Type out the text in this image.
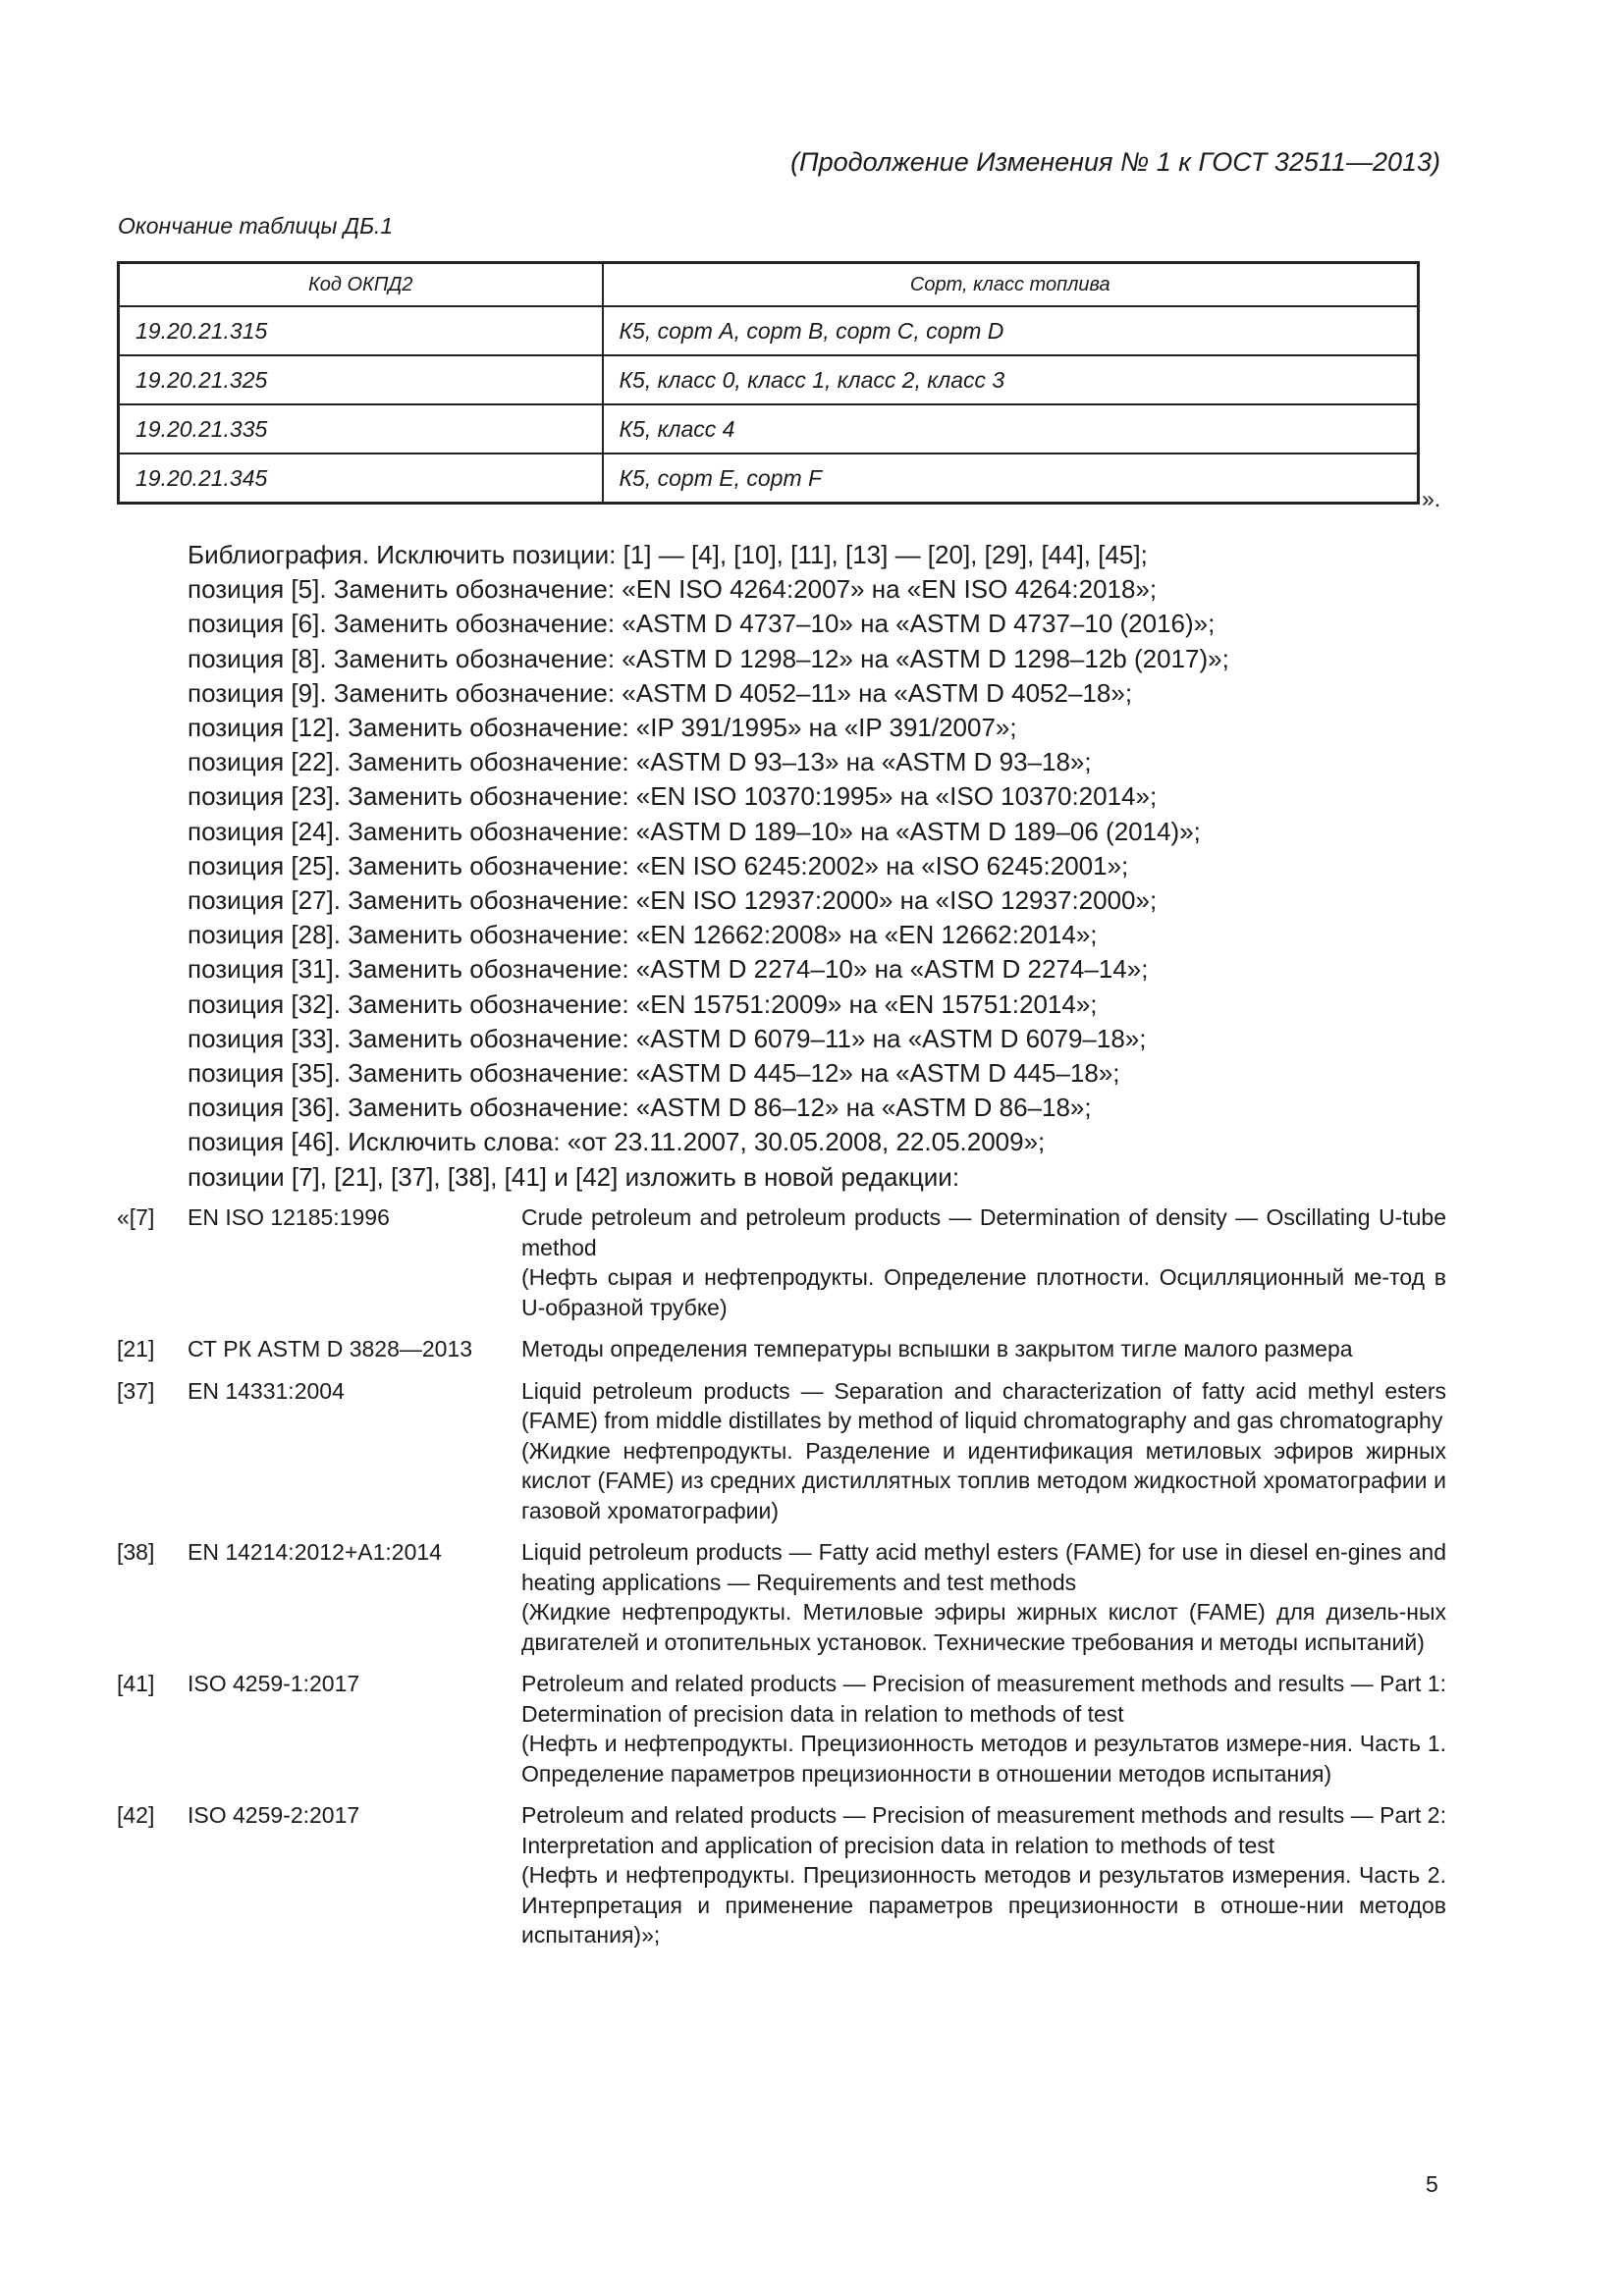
(Продолжение Изменения № 1 к ГОСТ 32511—2013)
Окончание таблицы ДБ.1
Код ОКПД2	Сорт, класс топлива
19.20.21.315	К5, сорт А, сорт В, сорт С, сорт D
19.20.21.325	К5, класс 0, класс 1, класс 2, класс 3
19.20.21.335	К5, класс 4
19.20.21.345	К5, сорт Е, сорт F
».
Библиография. Исключить позиции: [1] — [4], [10], [11], [13] — [20], [29], [44], [45];
позиция [5]. Заменить обозначение: «EN ISO 4264:2007» на «EN ISO 4264:2018»;
позиция [6]. Заменить обозначение: «ASTM D 4737–10» на «ASTM D 4737–10 (2016)»;
позиция [8]. Заменить обозначение: «ASTM D 1298–12» на «ASTM D 1298–12b (2017)»;
позиция [9]. Заменить обозначение: «ASTM D 4052–11» на «ASTM D 4052–18»;
позиция [12]. Заменить обозначение: «IP 391/1995» на «IP 391/2007»;
позиция [22]. Заменить обозначение: «ASTM D 93–13» на «ASTM D 93–18»;
позиция [23]. Заменить обозначение: «EN ISO 10370:1995» на «ISO 10370:2014»;
позиция [24]. Заменить обозначение: «ASTM D 189–10» на «ASTM D 189–06 (2014)»;
позиция [25]. Заменить обозначение: «EN ISO 6245:2002» на «ISO 6245:2001»;
позиция [27]. Заменить обозначение: «EN ISO 12937:2000» на «ISO 12937:2000»;
позиция [28]. Заменить обозначение: «EN 12662:2008» на «EN 12662:2014»;
позиция [31]. Заменить обозначение: «ASTM D 2274–10» на «ASTM D 2274–14»;
позиция [32]. Заменить обозначение: «EN 15751:2009» на «EN 15751:2014»;
позиция [33]. Заменить обозначение: «ASTM D 6079–11» на «ASTM D 6079–18»;
позиция [35]. Заменить обозначение: «ASTM D 445–12» на «ASTM D 445–18»;
позиция [36]. Заменить обозначение: «ASTM D 86–12» на «ASTM D 86–18»;
позиция [46]. Исключить слова: «от 23.11.2007, 30.05.2008, 22.05.2009»;
позиции [7], [21], [37], [38], [41] и [42] изложить в новой редакции:
«[7]	EN ISO 12185:1996	Crude petroleum and petroleum products — Determination of density — Oscillating U-tube method

(Нефть сырая и нефтепродукты. Определение плотности. Осцилляционный ме-тод в U-образной трубке)

[21]	СТ РК ASTM D 3828—2013	Методы определения температуры вспышки в закрытом тигле малого размера

[37]	EN 14331:2004	Liquid petroleum products — Separation and characterization of fatty acid methyl esters (FAME) from middle distillates by method of liquid chromatography and gas chromatography

(Жидкие нефтепродукты. Разделение и идентификация метиловых эфиров жирных кислот (FAME) из средних дистиллятных топлив методом жидкостной хроматографии и газовой хроматографии)

[38]	EN 14214:2012+A1:2014	Liquid petroleum products — Fatty acid methyl esters (FAME) for use in diesel en-gines and heating applications — Requirements and test methods

(Жидкие нефтепродукты. Метиловые эфиры жирных кислот (FAME) для дизель-ных двигателей и отопительных установок. Технические требования и методы испытаний)

[41]	ISO 4259-1:2017	Petroleum and related products — Precision of measurement methods and results — Part 1: Determination of precision data in relation to methods of test

(Нефть и нефтепродукты. Прецизионность методов и результатов измере-ния. Часть 1. Определение параметров прецизионности в отношении методов испытания)

[42]	ISO 4259-2:2017	Petroleum and related products — Precision of measurement methods and results — Part 2: Interpretation and application of precision data in relation to methods of test

(Нефть и нефтепродукты. Прецизионность методов и результатов измерения. Часть 2. Интерпретация и применение параметров прецизионности в отноше-нии методов испытания)»;

5
